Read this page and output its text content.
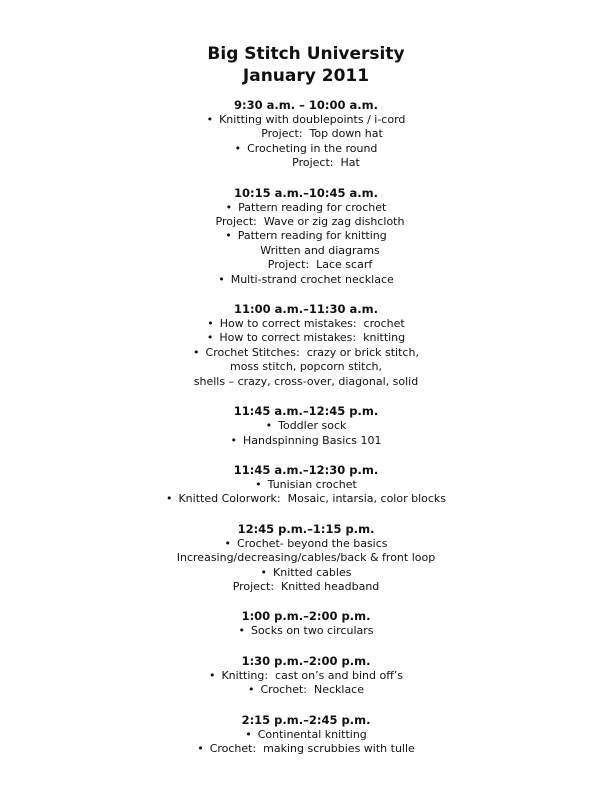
Big Stitch University
January 2011
9:30 a.m. – 10:00 a.m.
• Knitting with doublepoints / i-cord
Project:  Top down hat
• Crocheting in the round
Project:  Hat
10:15 a.m.–10:45 a.m.
• Pattern reading for crochet
Project:  Wave or zig zag dishcloth
• Pattern reading for knitting
Written and diagrams
Project:  Lace scarf
• Multi-strand crochet necklace
11:00 a.m.–11:30 a.m.
• How to correct mistakes:  crochet
• How to correct mistakes:  knitting
• Crochet Stitches:  crazy or brick stitch,
moss stitch, popcorn stitch,
shells – crazy, cross-over, diagonal, solid
11:45 a.m.–12:45 p.m.
• Toddler sock
• Handspinning Basics 101
11:45 a.m.–12:30 p.m.
• Tunisian crochet
• Knitted Colorwork:  Mosaic, intarsia, color blocks
12:45 p.m.–1:15 p.m.
• Crochet- beyond the basics
Increasing/decreasing/cables/back & front loop
• Knitted cables
Project:  Knitted headband
1:00 p.m.–2:00 p.m.
• Socks on two circulars
1:30 p.m.–2:00 p.m.
• Knitting:  cast on’s and bind off’s
• Crochet:  Necklace
2:15 p.m.–2:45 p.m.
• Continental knitting
• Crochet:  making scrubbies with tulle
